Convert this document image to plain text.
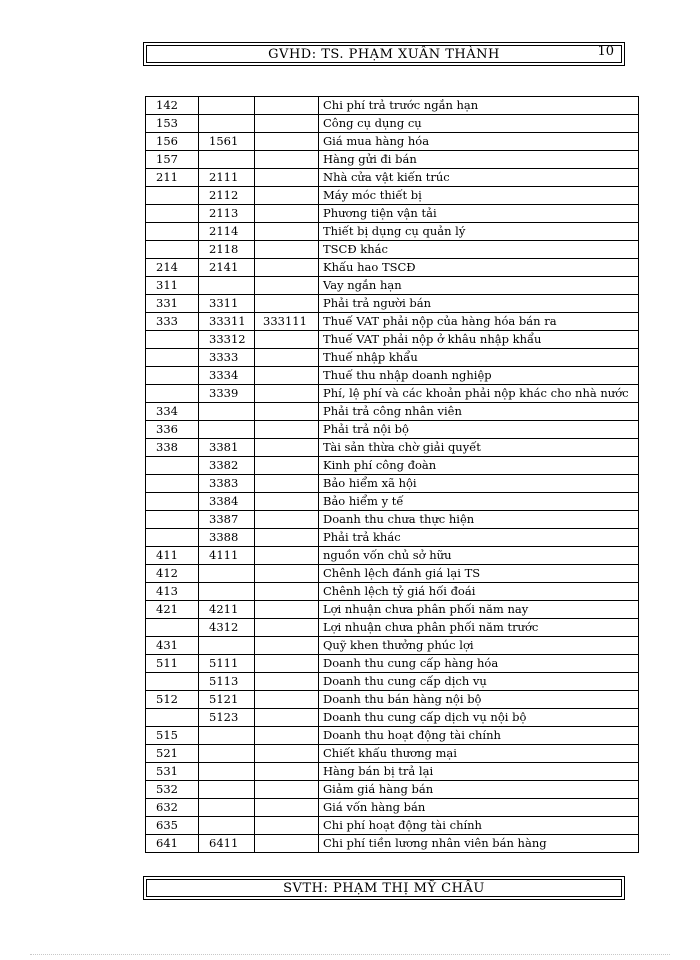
GVHD: TS. PHẠM XUÂN THÀNH	10
142			Chi phí trả trước ngắn hạn
153			Công cụ dụng cụ
156	1561		Giá mua hàng hóa
157			Hàng gửi đi bán
211	2111		Nhà cửa vật kiến trúc
	2112		Máy móc thiết bị
	2113		Phương tiện vận tải
	2114		Thiết bị dụng cụ quản lý
	2118		TSCĐ khác
214	2141		Khấu hao TSCĐ
311			Vay ngắn hạn
331	3311		Phải trả người bán
333	33311	333111	Thuế VAT phải nộp của hàng hóa bán ra
	33312		Thuế VAT phải nộp ở khâu nhập khẩu
	3333		Thuế nhập khẩu
	3334		Thuế thu nhập doanh nghiệp
	3339		Phí, lệ phí và các khoản phải nộp khác cho nhà nước
334			Phải trả công nhân viên
336			Phải trả nội bộ
338	3381		Tài sản thừa chờ giải quyết
	3382		Kinh phí công đoàn
	3383		Bảo hiểm xã hội
	3384		Bảo hiểm y tế
	3387		Doanh thu chưa thực hiện
	3388		Phải trả khác
411	4111		nguồn vốn chủ sở hữu
412			Chênh lệch đánh giá lại TS
413			Chênh lệch tỷ giá hối đoái
421	4211		Lợi nhuận chưa phân phối năm nay
	4312		Lợi nhuận chưa phân phối năm trước
431			Quỹ khen thưởng phúc lợi
511	5111		Doanh thu cung cấp hàng hóa
	5113		Doanh thu cung cấp dịch vụ
512	5121		Doanh thu bán hàng nội bộ
	5123		Doanh thu cung cấp dịch vụ nội bộ
515			Doanh thu hoạt động tài chính
521			Chiết khấu thương mại
531			Hàng bán bị trả lại
532			Giảm giá hàng bán
632			Giá vốn hàng bán
635			Chi phí hoạt động tài chính
641	6411		Chi phí tiền lương nhân viên bán hàng
SVTH: PHẠM THỊ MỸ CHÂU
